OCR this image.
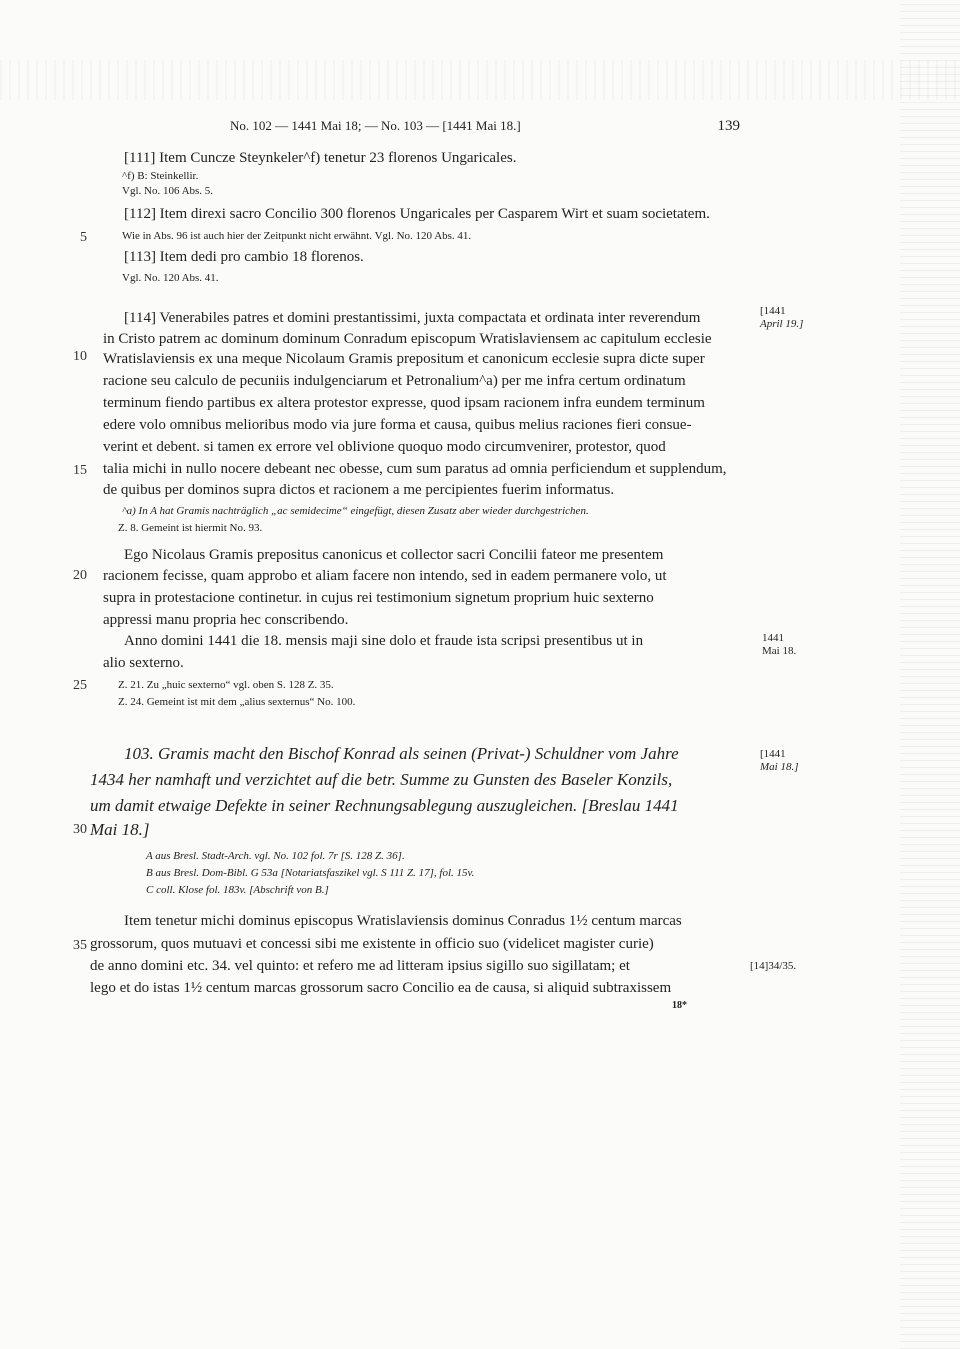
No. 102 — 1441 Mai 18; — No. 103 — [1441 Mai 18.]	139
5
10
15
20
25
30
35
[111] Item Cuncze Steynkeler^f) tenetur 23 florenos Ungaricales.
^f) B: Steinkellir.
Vgl. No. 106 Abs. 5.
[112] Item direxi sacro Concilio 300 florenos Ungaricales per Casparem Wirt et suam societatem.
Wie in Abs. 96 ist auch hier der Zeitpunkt nicht erwähnt. Vgl. No. 120 Abs. 41.
[113] Item dedi pro cambio 18 florenos.
Vgl. No. 120 Abs. 41.
[114] Venerabiles patres et domini prestantissimi, juxta compactata et ordinata inter reverendum
in Cristo patrem ac dominum dominum Conradum episcopum Wratislaviensem ac capitulum ecclesie
Wratislaviensis ex una meque Nicolaum Gramis prepositum et canonicum ecclesie supra dicte super
racione seu calculo de pecuniis indulgenciarum et Petronalium^a) per me infra certum ordinatum
terminum fiendo partibus ex altera protestor expresse, quod ipsam racionem infra eundem terminum
edere volo omnibus melioribus modo via jure forma et causa, quibus melius raciones fieri consue-
verint et debent. si tamen ex errore vel oblivione quoquo modo circumvenirer, protestor, quod
talia michi in nullo nocere debeant nec obesse, cum sum paratus ad omnia perficiendum et supplendum,
de quibus per dominos supra dictos et racionem a me percipientes fuerim informatus.
^a) In A hat Gramis nachträglich „ac semidecime“ eingefügt, diesen Zusatz aber wieder durchgestrichen.
Z. 8. Gemeint ist hiermit No. 93.
Ego Nicolaus Gramis prepositus canonicus et collector sacri Concilii fateor me presentem
racionem fecisse, quam approbo et aliam facere non intendo, sed in eadem permanere volo, ut
supra in protestacione continetur. in cujus rei testimonium signetum proprium huic sexterno
appressi manu propria hec conscribendo.
Anno domini 1441 die 18. mensis maji sine dolo et fraude ista scripsi presentibus ut in
alio sexterno.
Z. 21. Zu „huic sexterno“ vgl. oben S. 128 Z. 35.
Z. 24. Gemeint ist mit dem „alius sexternus“ No. 100.
103. Gramis macht den Bischof Konrad als seinen (Privat-) Schuldner vom Jahre
1434 her namhaft und verzichtet auf die betr. Summe zu Gunsten des Baseler Konzils,
um damit etwaige Defekte in seiner Rechnungsablegung auszugleichen. [Breslau 1441
Mai 18.]
A aus Bresl. Stadt-Arch. vgl. No. 102 fol. 7r [S. 128 Z. 36].
B aus Bresl. Dom-Bibl. G 53a [Notariatsfaszikel vgl. S 111 Z. 17], fol. 15v.
C coll. Klose fol. 183v. [Abschrift von B.]
Item tenetur michi dominus episcopus Wratislaviensis dominus Conradus 1½ centum marcas
grossorum, quos mutuavi et concessi sibi me existente in officio suo (videlicet magister curie)
de anno domini etc. 34. vel quinto: et refero me ad litteram ipsius sigillo suo sigillatam; et
lego et do istas 1½ centum marcas grossorum sacro Concilio ea de causa, si aliquid subtraxissem
18*
[1441
April 19.]
1441
Mai 18.
[1441
Mai 18.]
[14]34/35.
